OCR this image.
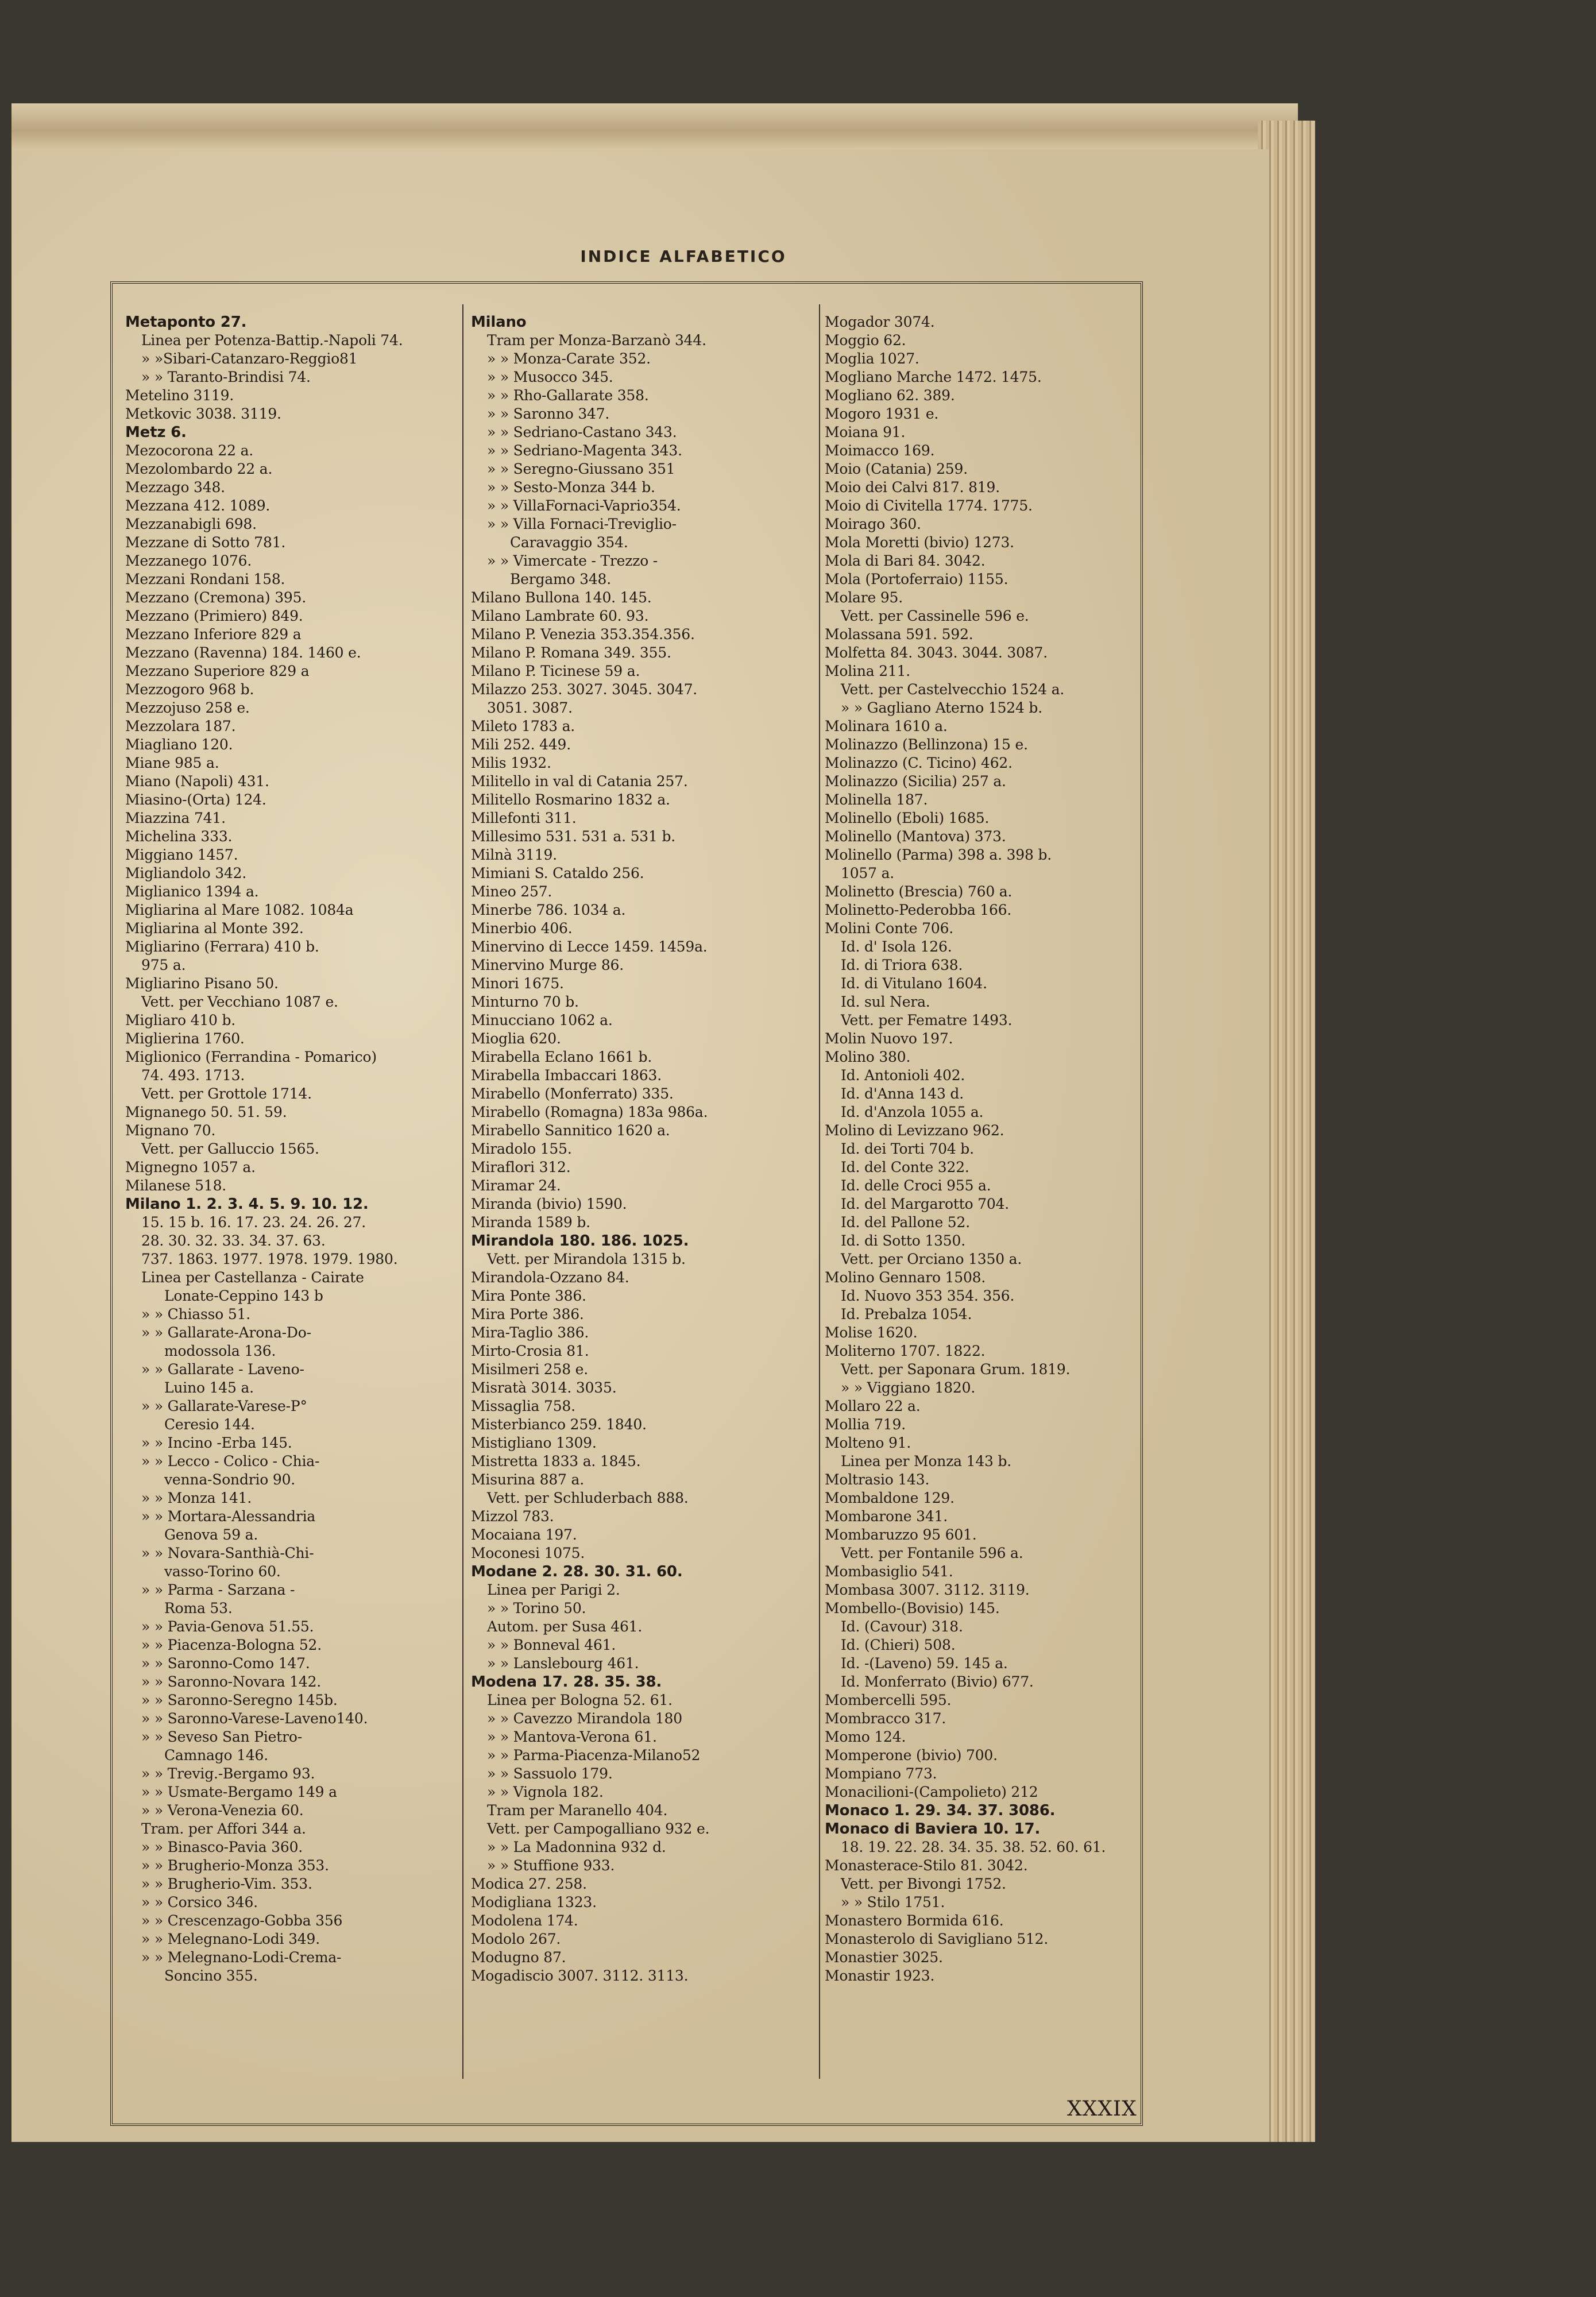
INDICE ALFABETICO
Metaponto 27.
Linea per Potenza-Battip.-Napoli 74.
» »Sibari-Catanzaro-Reggio81
» » Taranto-Brindisi 74.
Metelino 3119.
Metkovic 3038. 3119.
Metz 6.
Mezocorona 22 a.
Mezolombardo 22 a.
Mezzago 348.
Mezzana 412. 1089.
Mezzanabigli 698.
Mezzane di Sotto 781.
Mezzanego 1076.
Mezzani Rondani 158.
Mezzano (Cremona) 395.
Mezzano (Primiero) 849.
Mezzano Inferiore 829 a
Mezzano (Ravenna) 184. 1460 e.
Mezzano Superiore 829 a
Mezzogoro 968 b.
Mezzojuso 258 e.
Mezzolara 187.
Miagliano 120.
Miane 985 a.
Miano (Napoli) 431.
Miasino-(Orta) 124.
Miazzina 741.
Michelina 333.
Miggiano 1457.
Migliandolo 342.
Miglianico 1394 a.
Migliarina al Mare 1082. 1084a
Migliarina al Monte 392.
Migliarino (Ferrara) 410 b.
975 a.
Migliarino Pisano 50.
Vett. per Vecchiano 1087 e.
Migliaro 410 b.
Miglierina 1760.
Miglionico (Ferrandina - Pomarico)
74. 493. 1713.
Vett. per Grottole 1714.
Mignanego 50. 51. 59.
Mignano 70.
Vett. per Galluccio 1565.
Mignegno 1057 a.
Milanese 518.
Milano 1. 2. 3. 4. 5. 9. 10. 12.
15. 15 b. 16. 17. 23. 24. 26. 27.
28. 30. 32. 33. 34. 37. 63.
737. 1863. 1977. 1978. 1979. 1980.
Linea per Castellanza - Cairate
Lonate-Ceppino 143 b
» » Chiasso 51.
» » Gallarate-Arona-Do-
modossola 136.
» » Gallarate - Laveno-
Luino 145 a.
» » Gallarate-Varese-P°
Ceresio 144.
» » Incino -Erba 145.
» » Lecco - Colico - Chia-
venna-Sondrio 90.
» » Monza 141.
» » Mortara-Alessandria
Genova 59 a.
» » Novara-Santhià-Chi-
vasso-Torino 60.
» » Parma - Sarzana -
Roma 53.
» » Pavia-Genova 51.55.
» » Piacenza-Bologna 52.
» » Saronno-Como 147.
» » Saronno-Novara 142.
» » Saronno-Seregno 145b.
» » Saronno-Varese-Laveno140.
» » Seveso San Pietro-
Camnago 146.
» » Trevig.-Bergamo 93.
» » Usmate-Bergamo 149 a
» » Verona-Venezia 60.
Tram. per Affori 344 a.
» » Binasco-Pavia 360.
» » Brugherio-Monza 353.
» » Brugherio-Vim. 353.
» » Corsico 346.
» » Crescenzago-Gobba 356
» » Melegnano-Lodi 349.
» » Melegnano-Lodi-Crema-
Soncino 355.
Milano
Tram per Monza-Barzanò 344.
» » Monza-Carate 352.
» » Musocco 345.
» » Rho-Gallarate 358.
» » Saronno 347.
» » Sedriano-Castano 343.
» » Sedriano-Magenta 343.
» » Seregno-Giussano 351
» » Sesto-Monza 344 b.
» » VillaFornaci-Vaprio354.
» » Villa Fornaci-Treviglio-
Caravaggio 354.
» » Vimercate - Trezzo -
Bergamo 348.
Milano Bullona 140. 145.
Milano Lambrate 60. 93.
Milano P. Venezia 353.354.356.
Milano P. Romana 349. 355.
Milano P. Ticinese 59 a.
Milazzo 253. 3027. 3045. 3047.
3051. 3087.
Mileto 1783 a.
Mili 252. 449.
Milis 1932.
Militello in val di Catania 257.
Militello Rosmarino 1832 a.
Millefonti 311.
Millesimo 531. 531 a. 531 b.
Milnà 3119.
Mimiani S. Cataldo 256.
Mineo 257.
Minerbe 786. 1034 a.
Minerbio 406.
Minervino di Lecce 1459. 1459a.
Minervino Murge 86.
Minori 1675.
Minturno 70 b.
Minucciano 1062 a.
Mioglia 620.
Mirabella Eclano 1661 b.
Mirabella Imbaccari 1863.
Mirabello (Monferrato) 335.
Mirabello (Romagna) 183a 986a.
Mirabello Sannitico 1620 a.
Miradolo 155.
Miraflori 312.
Miramar 24.
Miranda (bivio) 1590.
Miranda 1589 b.
Mirandola 180. 186. 1025.
Vett. per Mirandola 1315 b.
Mirandola-Ozzano 84.
Mira Ponte 386.
Mira Porte 386.
Mira-Taglio 386.
Mirto-Crosia 81.
Misilmeri 258 e.
Misratà 3014. 3035.
Missaglia 758.
Misterbianco 259. 1840.
Mistigliano 1309.
Mistretta 1833 a. 1845.
Misurina 887 a.
Vett. per Schluderbach 888.
Mizzol 783.
Mocaiana 197.
Moconesi 1075.
Modane 2. 28. 30. 31. 60.
Linea per Parigi 2.
» » Torino 50.
Autom. per Susa 461.
» » Bonneval 461.
» » Lanslebourg 461.
Modena 17. 28. 35. 38.
Linea per Bologna 52. 61.
» » Cavezzo Mirandola 180
» » Mantova-Verona 61.
» » Parma-Piacenza-Milano52
» » Sassuolo 179.
» » Vignola 182.
Tram per Maranello 404.
Vett. per Campogalliano 932 e.
» » La Madonnina 932 d.
» » Stuffione 933.
Modica 27. 258.
Modigliana 1323.
Modolena 174.
Modolo 267.
Modugno 87.
Mogadiscio 3007. 3112. 3113.
Mogador 3074.
Moggio 62.
Moglia 1027.
Mogliano Marche 1472. 1475.
Mogliano 62. 389.
Mogoro 1931 e.
Moiana 91.
Moimacco 169.
Moio (Catania) 259.
Moio dei Calvi 817. 819.
Moio di Civitella 1774. 1775.
Moirago 360.
Mola Moretti (bivio) 1273.
Mola di Bari 84. 3042.
Mola (Portoferraio) 1155.
Molare 95.
Vett. per Cassinelle 596 e.
Molassana 591. 592.
Molfetta 84. 3043. 3044. 3087.
Molina 211.
Vett. per Castelvecchio 1524 a.
» » Gagliano Aterno 1524 b.
Molinara 1610 a.
Molinazzo (Bellinzona) 15 e.
Molinazzo (C. Ticino) 462.
Molinazzo (Sicilia) 257 a.
Molinella 187.
Molinello (Eboli) 1685.
Molinello (Mantova) 373.
Molinello (Parma) 398 a. 398 b.
1057 a.
Molinetto (Brescia) 760 a.
Molinetto-Pederobba 166.
Molini Conte 706.
Id. d' Isola 126.
Id. di Triora 638.
Id. di Vitulano 1604.
Id. sul Nera.
Vett. per Fematre 1493.
Molin Nuovo 197.
Molino 380.
Id. Antonioli 402.
Id. d'Anna 143 d.
Id. d'Anzola 1055 a.
Molino di Levizzano 962.
Id. dei Torti 704 b.
Id. del Conte 322.
Id. delle Croci 955 a.
Id. del Margarotto 704.
Id. del Pallone 52.
Id. di Sotto 1350.
Vett. per Orciano 1350 a.
Molino Gennaro 1508.
Id. Nuovo 353 354. 356.
Id. Prebalza 1054.
Molise 1620.
Moliterno 1707. 1822.
Vett. per Saponara Grum. 1819.
» » Viggiano 1820.
Mollaro 22 a.
Mollia 719.
Molteno 91.
Linea per Monza 143 b.
Moltrasio 143.
Mombaldone 129.
Mombarone 341.
Mombaruzzo 95 601.
Vett. per Fontanile 596 a.
Mombasiglio 541.
Mombasa 3007. 3112. 3119.
Mombello-(Bovisio) 145.
Id. (Cavour) 318.
Id. (Chieri) 508.
Id. -(Laveno) 59. 145 a.
Id. Monferrato (Bivio) 677.
Mombercelli 595.
Mombracco 317.
Momo 124.
Momperone (bivio) 700.
Mompiano 773.
Monacilioni-(Campolieto) 212
Monaco 1. 29. 34. 37. 3086.
Monaco di Baviera 10. 17.
18. 19. 22. 28. 34. 35. 38. 52. 60. 61.
Monasterace-Stilo 81. 3042.
Vett. per Bivongi 1752.
» » Stilo 1751.
Monastero Bormida 616.
Monasterolo di Savigliano 512.
Monastier 3025.
Monastir 1923.
XXXIX
